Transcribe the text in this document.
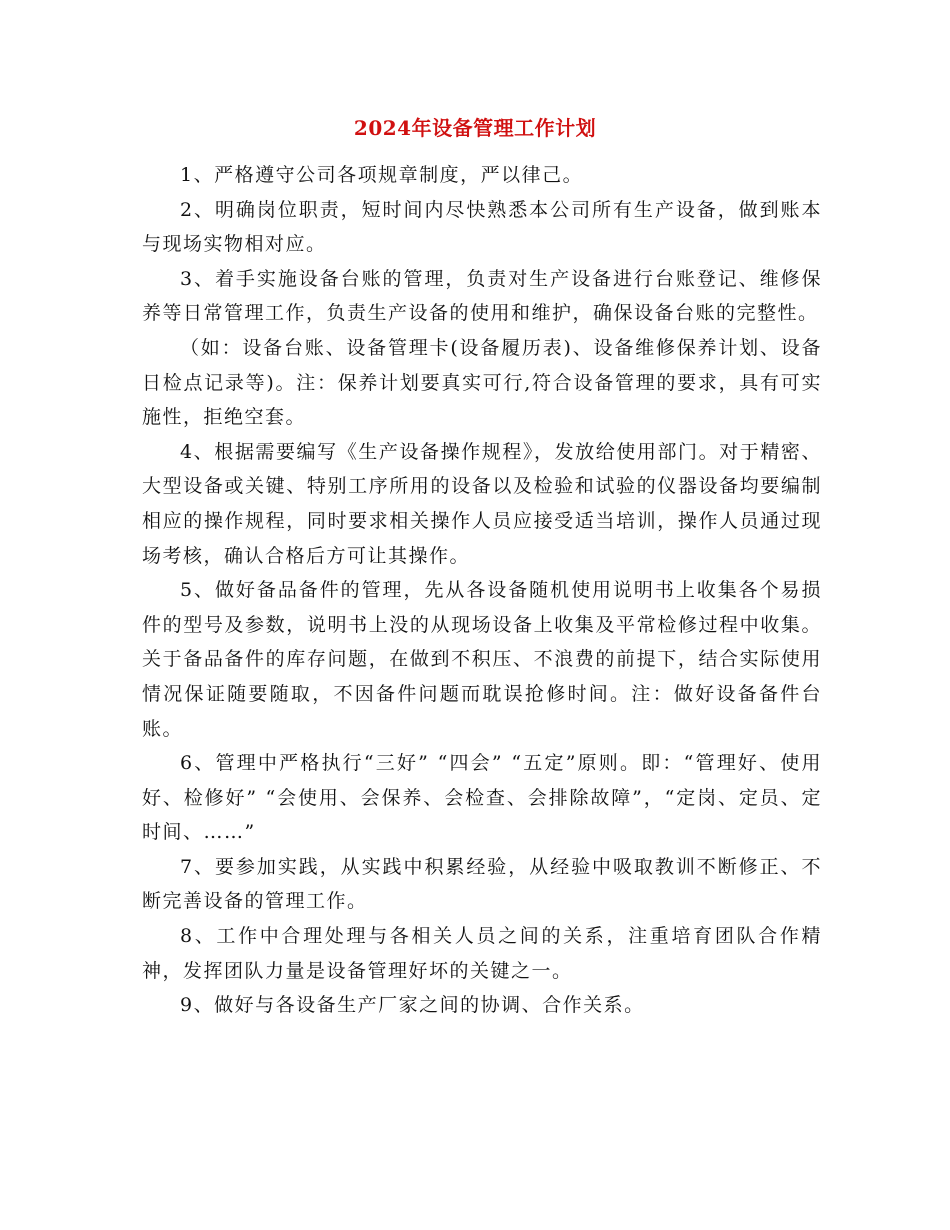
2024年设备管理工作计划

1、严格遵守公司各项规章制度，严以律己。

2、明确岗位职责，短时间内尽快熟悉本公司所有生产设备，做到账本与现场实物相对应。

3、着手实施设备台账的管理，负责对生产设备进行台账登记、维修保养等日常管理工作，负责生产设备的使用和维护，确保设备台账的完整性。

（如：设备台账、设备管理卡(设备履历表)、设备维修保养计划、设备日检点记录等)。注：保养计划要真实可行,符合设备管理的要求，具有可实施性，拒绝空套。

4、根据需要编写《生产设备操作规程》，发放给使用部门。对于精密、大型设备或关键、特别工序所用的设备以及检验和试验的仪器设备均要编制相应的操作规程，同时要求相关操作人员应接受适当培训，操作人员通过现场考核，确认合格后方可让其操作。

5、做好备品备件的管理，先从各设备随机使用说明书上收集各个易损件的型号及参数，说明书上没的从现场设备上收集及平常检修过程中收集。关于备品备件的库存问题，在做到不积压、不浪费的前提下，结合实际使用情况保证随要随取，不因备件问题而耽误抢修时间。注：做好设备备件台账。

6、管理中严格执行“三好” “四会” “五定”原则。即：“管理好、使用好、检修好” “会使用、会保养、会检查、会排除故障”，“定岗、定员、定时间、……”

7、要参加实践，从实践中积累经验，从经验中吸取教训不断修正、不断完善设备的管理工作。

8、工作中合理处理与各相关人员之间的关系，注重培育团队合作精神，发挥团队力量是设备管理好坏的关键之一。

9、做好与各设备生产厂家之间的协调、合作关系。
